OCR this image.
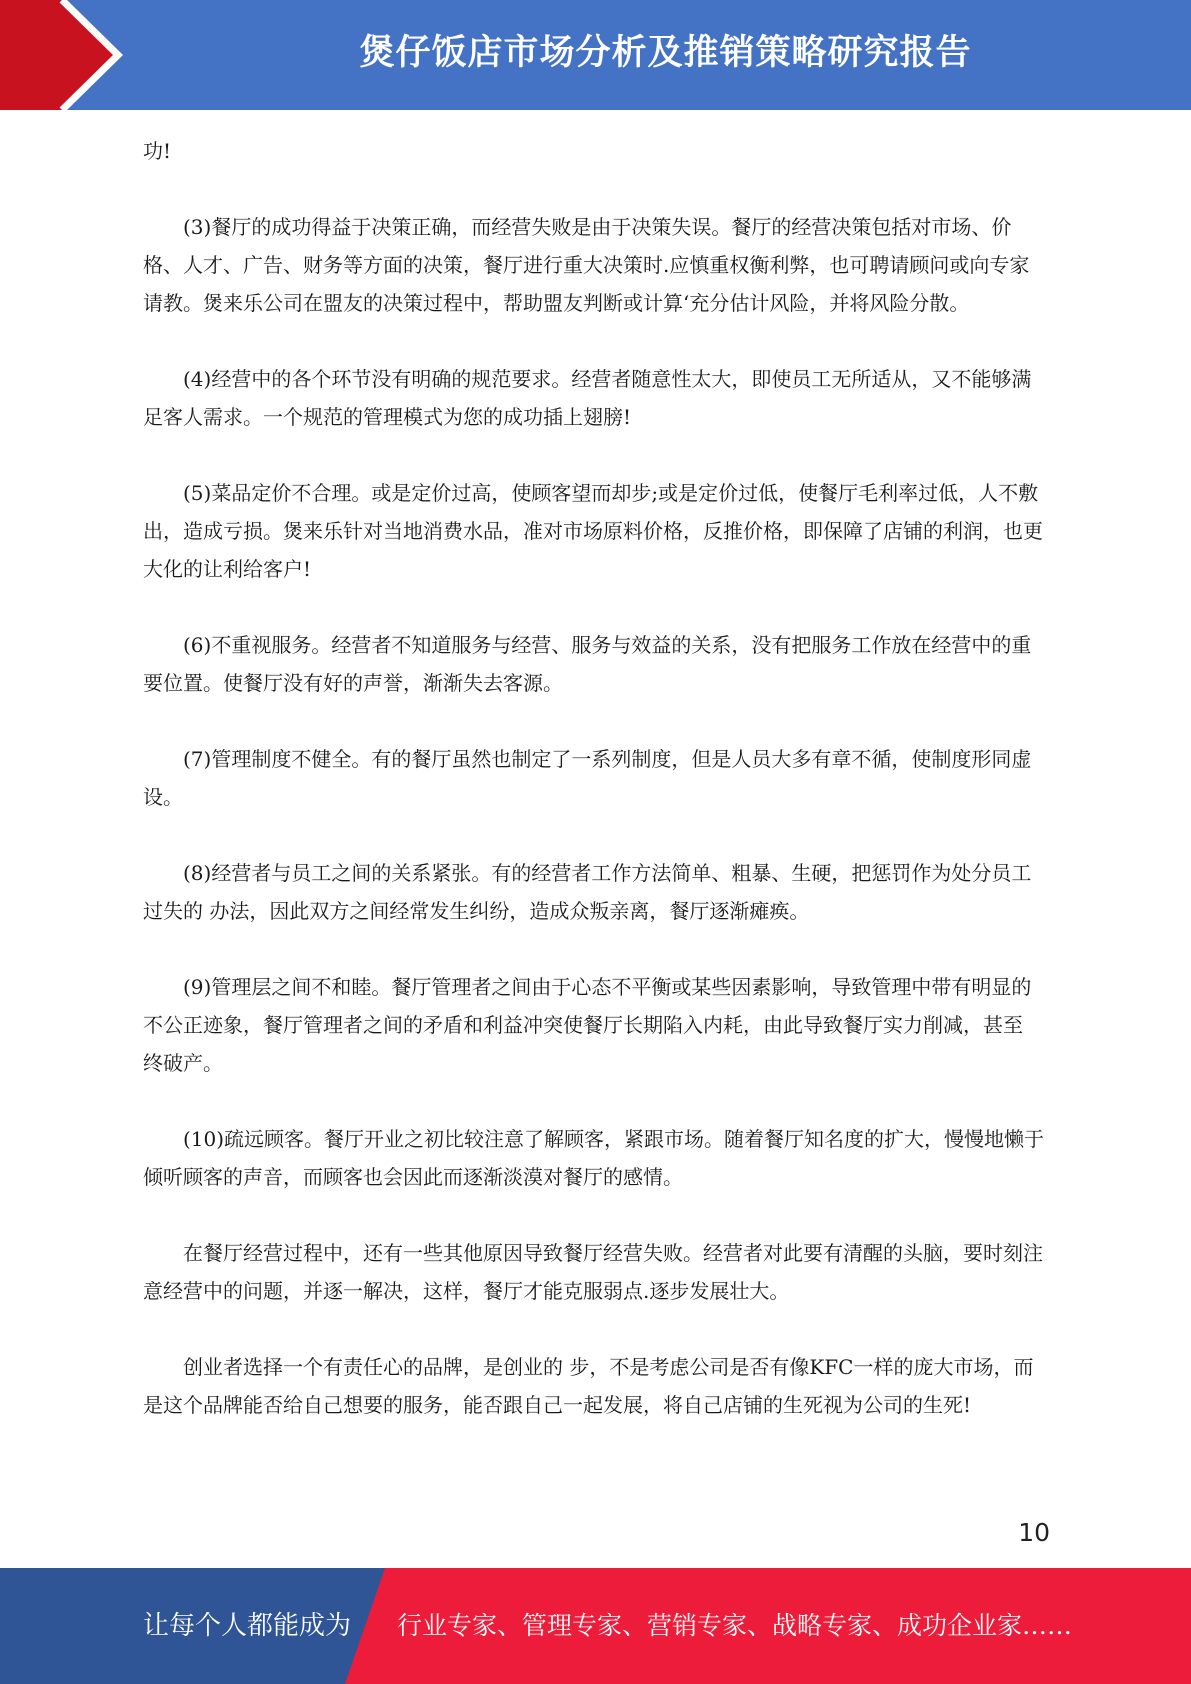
煲仔饭店市场分析及推销策略研究报告

功!

(3)餐厅的成功得益于决策正确，而经营失败是由于决策失误。餐厅的经营决策包括对市场、价格、人才、广告、财务等方面的决策，餐厅进行重大决策时.应慎重权衡利弊，也可聘请顾问或向专家请教。煲来乐公司在盟友的决策过程中，帮助盟友判断或计算‘充分估计风险，并将风险分散。

(4)经营中的各个环节没有明确的规范要求。经营者随意性太大，即使员工无所适从，又不能够满足客人需求。一个规范的管理模式为您的成功插上翅膀!

(5)菜品定价不合理。或是定价过高，使顾客望而却步;或是定价过低，使餐厅毛利率过低，人不敷出，造成亏损。煲来乐针对当地消费水品，准对市场原料价格，反推价格，即保障了店铺的利润，也更大化的让利给客户!

(6)不重视服务。经营者不知道服务与经营、服务与效益的关系，没有把服务工作放在经营中的重要位置。使餐厅没有好的声誉，渐渐失去客源。

(7)管理制度不健全。有的餐厅虽然也制定了一系列制度，但是人员大多有章不循，使制度形同虚设。

(8)经营者与员工之间的关系紧张。有的经营者工作方法简单、粗暴、生硬，把惩罚作为处分员工过失的 办法，因此双方之间经常发生纠纷，造成众叛亲离，餐厅逐渐瘫痪。

(9)管理层之间不和睦。餐厅管理者之间由于心态不平衡或某些因素影响，导致管理中带有明显的不公正迹象，餐厅管理者之间的矛盾和利益冲突使餐厅长期陷入内耗，由此导致餐厅实力削减，甚至 终破产。

(10)疏远顾客。餐厅开业之初比较注意了解顾客，紧跟市场。随着餐厅知名度的扩大，慢慢地懒于倾听顾客的声音，而顾客也会因此而逐渐淡漠对餐厅的感情。

在餐厅经营过程中，还有一些其他原因导致餐厅经营失败。经营者对此要有清醒的头脑，要时刻注意经营中的问题，并逐一解决，这样，餐厅才能克服弱点.逐步发展壮大。

创业者选择一个有责任心的品牌，是创业的 步，不是考虑公司是否有像KFC一样的庞大市场，而是这个品牌能否给自己想要的服务，能否跟自己一起发展，将自己店铺的生死视为公司的生死!

10
让每个人都能成为 行业专家、管理专家、营销专家、战略专家、成功企业家……
